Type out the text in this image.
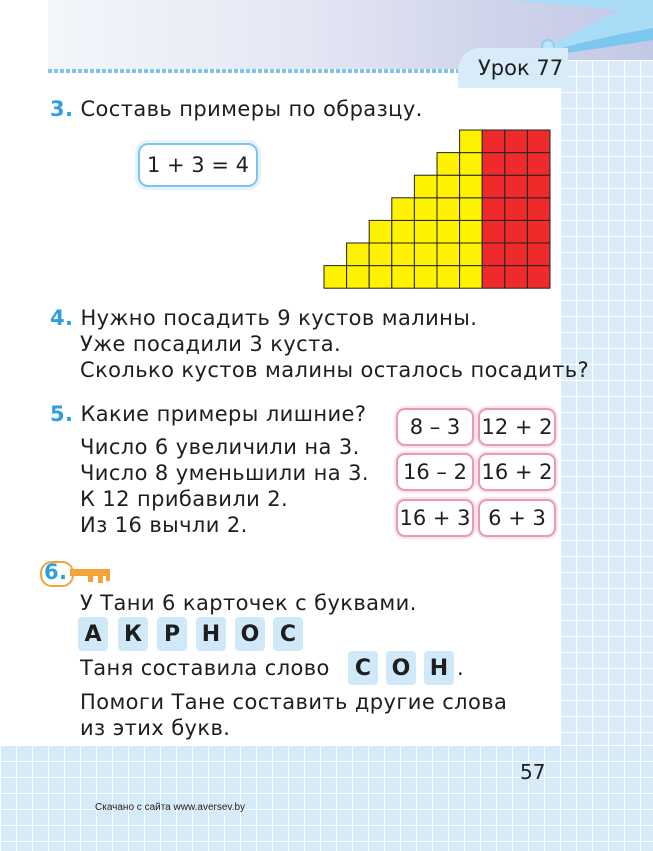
Урок 77
3. Составь примеры по образцу.
1 + 3 = 4
4. Нужно посадить 9 кустов малины.
Уже посадили 3 куста.
Сколько кустов малины осталось посадить?
5. Какие примеры лишние?
Число 6 увеличили на 3.
Число 8 уменьшили на 3.
К 12 прибавили 2.
Из 16 вычли 2.
8 – 3	12 + 2
16 – 2 16 + 2
16 + 3 6 + 3
6.
У Тани 6 карточек с буквами.
А К Р Н О С
Таня составила слово	С О Н .
Помоги Тане составить другие слова
из этих букв.
57
Скачано с сайта www.aversev.by
